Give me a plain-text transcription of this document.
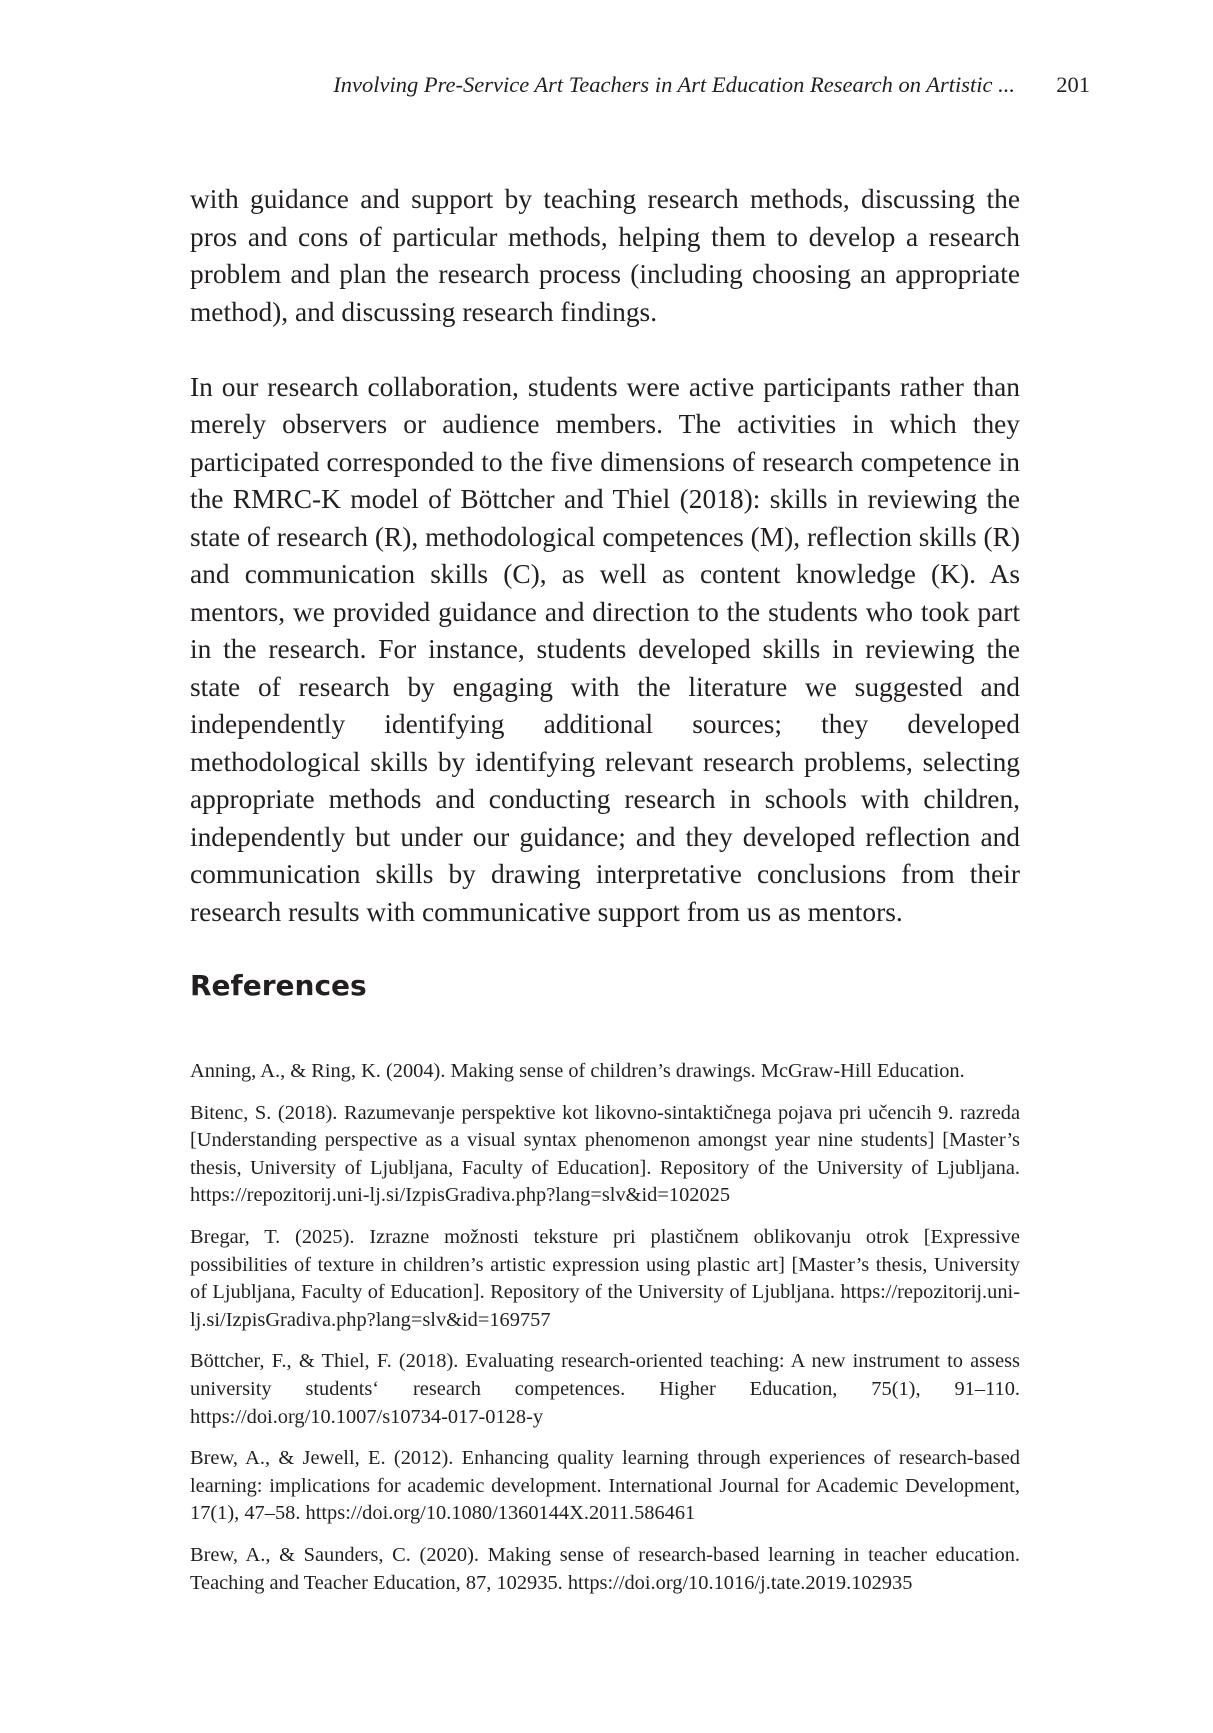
Involving Pre-Service Art Teachers in Art Education Research on Artistic ... 201

with guidance and support by teaching research methods, discussing the pros and cons of particular methods, helping them to develop a research problem and plan the research process (including choosing an appropriate method), and discussing research findings.

In our research collaboration, students were active participants rather than merely observers or audience members. The activities in which they participated corresponded to the five dimensions of research competence in the RMRC-K model of Böttcher and Thiel (2018): skills in reviewing the state of research (R), methodological competences (M), reflection skills (R) and communication skills (C), as well as content knowledge (K). As mentors, we provided guidance and direction to the students who took part in the research. For instance, students developed skills in reviewing the state of research by engaging with the literature we suggested and independently identifying additional sources; they developed methodological skills by identifying relevant research problems, selecting appropriate methods and conducting research in schools with children, independently but under our guidance; and they developed reflection and communication skills by drawing interpretative conclusions from their research results with communicative support from us as mentors.

References
Anning, A., & Ring, K. (2004). Making sense of children’s drawings. McGraw-Hill Education.
Bitenc, S. (2018). Razumevanje perspektive kot likovno-sintaktičnega pojava pri učencih 9. razreda [Understanding perspective as a visual syntax phenomenon amongst year nine students] [Master’s thesis, University of Ljubljana, Faculty of Education]. Repository of the University of Ljubljana. https://repozitorij.uni-lj.si/IzpisGradiva.php?lang=slv&id=102025
Bregar, T. (2025). Izrazne možnosti teksture pri plastičnem oblikovanju otrok [Expressive possibilities of texture in children’s artistic expression using plastic art] [Master’s thesis, University of Ljubljana, Faculty of Education]. Repository of the University of Ljubljana. https://repozitorij.uni-lj.si/IzpisGradiva.php?lang=slv&id=169757
Böttcher, F., & Thiel, F. (2018). Evaluating research-oriented teaching: A new instrument to assess university students‘ research competences. Higher Education, 75(1), 91–110. https://doi.org/10.1007/s10734-017-0128-y
Brew, A., & Jewell, E. (2012). Enhancing quality learning through experiences of research-based learning: implications for academic development. International Journal for Academic Development, 17(1), 47–58. https://doi.org/10.1080/1360144X.2011.586461
Brew, A., & Saunders, C. (2020). Making sense of research-based learning in teacher education. Teaching and Teacher Education, 87, 102935. https://doi.org/10.1016/j.tate.2019.102935
